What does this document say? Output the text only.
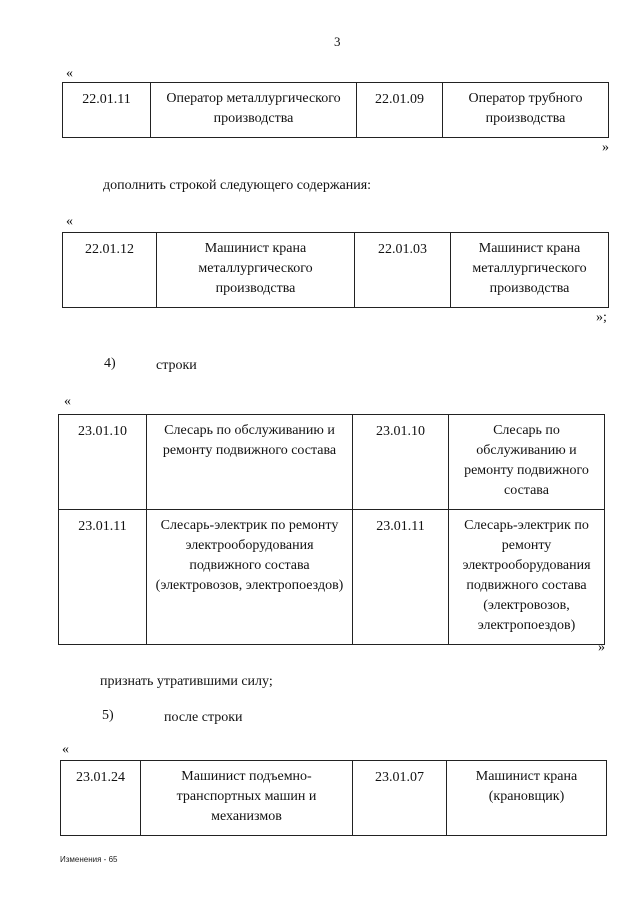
3
«
22.01.11	Оператор металлургического производства	22.01.09	Оператор трубного производства
»
дополнить строкой следующего содержания:
«
22.01.12	Машинист крана металлургического производства	22.01.03	Машинист крана металлургического производства
»;
4)	строки
«
23.01.10	Слесарь по обслуживанию и ремонту подвижного состава	23.01.10	Слесарь по обслуживанию и ремонту подвижного состава
23.01.11	Слесарь-электрик по ремонту электрооборудования подвижного состава (электровозов, электропоездов)	23.01.11	Слесарь-электрик по ремонту электрооборудования подвижного состава (электровозов, электропоездов)
»
признать утратившими силу;
5)	после строки
«
23.01.24	Машинист подъемно-транспортных машин и механизмов	23.01.07	Машинист крана (крановщик)
Изменения - 65
